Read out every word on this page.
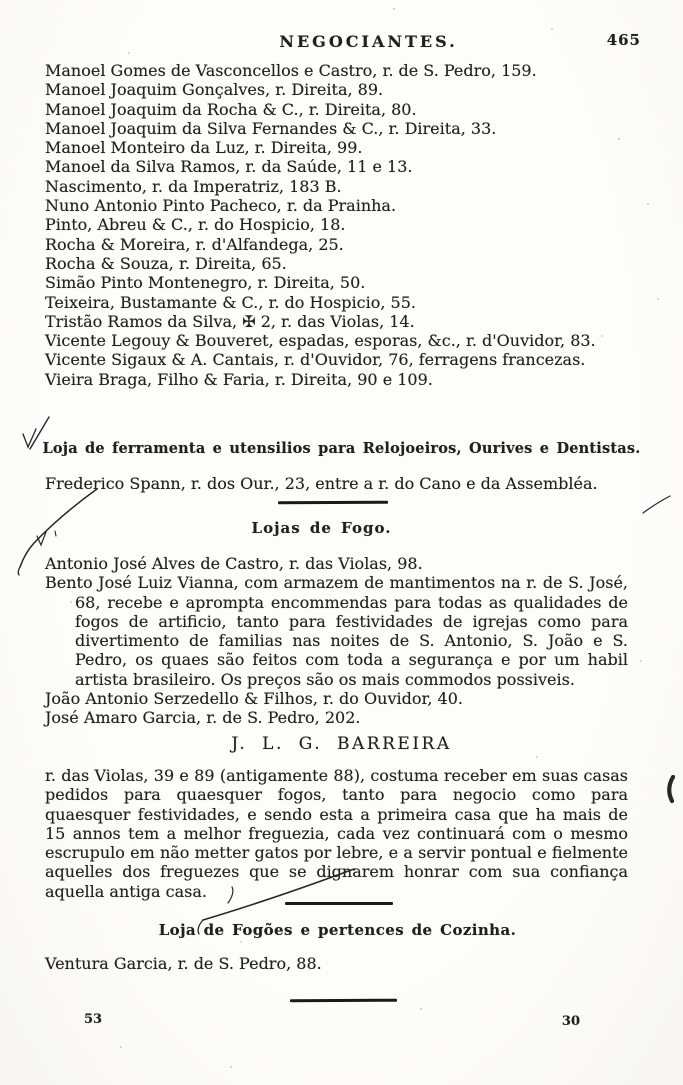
NEGOCIANTES.	465
Manoel Gomes de Vasconcellos e Castro, r. de S. Pedro, 159.
Manoel Joaquim Gonçalves, r. Direita, 89.
Manoel Joaquim da Rocha & C., r. Direita, 80.
Manoel Joaquim da Silva Fernandes & C., r. Direita, 33.
Manoel Monteiro da Luz, r. Direita, 99.
Manoel da Silva Ramos, r. da Saúde, 11 e 13.
Nascimento, r. da Imperatriz, 183 B.
Nuno Antonio Pinto Pacheco, r. da Prainha.
Pinto, Abreu & C., r. do Hospicio, 18.
Rocha & Moreira, r. d'Alfandega, 25.
Rocha & Souza, r. Direita, 65.
Simão Pinto Montenegro, r. Direita, 50.
Teixeira, Bustamante & C., r. do Hospicio, 55.
Tristão Ramos da Silva, ✠ 2, r. das Violas, 14.
Vicente Legouy & Bouveret, espadas, esporas, &c., r. d'Ouvidor, 83.
Vicente Sigaux & A. Cantais, r. d'Ouvidor, 76, ferragens francezas.
Vieira Braga, Filho & Faria, r. Direita, 90 e 109.
Loja de ferramenta e utensilios para Relojoeiros, Ourives e Dentistas.
Frederico Spann, r. dos Our., 23, entre a r. do Cano e da Assembléa.
Lojas de Fogo.
Antonio José Alves de Castro, r. das Violas, 98.
Bento José Luiz Vianna, com armazem de mantimentos na r. de S. José, 68, recebe e aprompta encommendas para todas as qualidades de fogos de artificio, tanto para festividades de igrejas como para divertimento de familias nas noites de S. Antonio, S. João e S. Pedro, os quaes são feitos com toda a segurança e por um habil artista brasileiro. Os preços são os mais commodos possiveis.
João Antonio Serzedello & Filhos, r. do Ouvidor, 40.
José Amaro Garcia, r. de S. Pedro, 202.
J. L. G. BARREIRA
r. das Violas, 39 e 89 (antigamente 88), costuma receber em suas casas pedidos para quaesquer fogos, tanto para negocio como para quaesquer festividades, e sendo esta a primeira casa que ha mais de 15 annos tem a melhor freguezia, cada vez continuará com o mesmo escrupulo em não metter gatos por lebre, e a servir pontual e fielmente aquelles dos freguezes que se dignarem honrar com sua confiança aquella antiga casa.
Loja de Fogões e pertences de Cozinha.
Ventura Garcia, r. de S. Pedro, 88.
53	30
